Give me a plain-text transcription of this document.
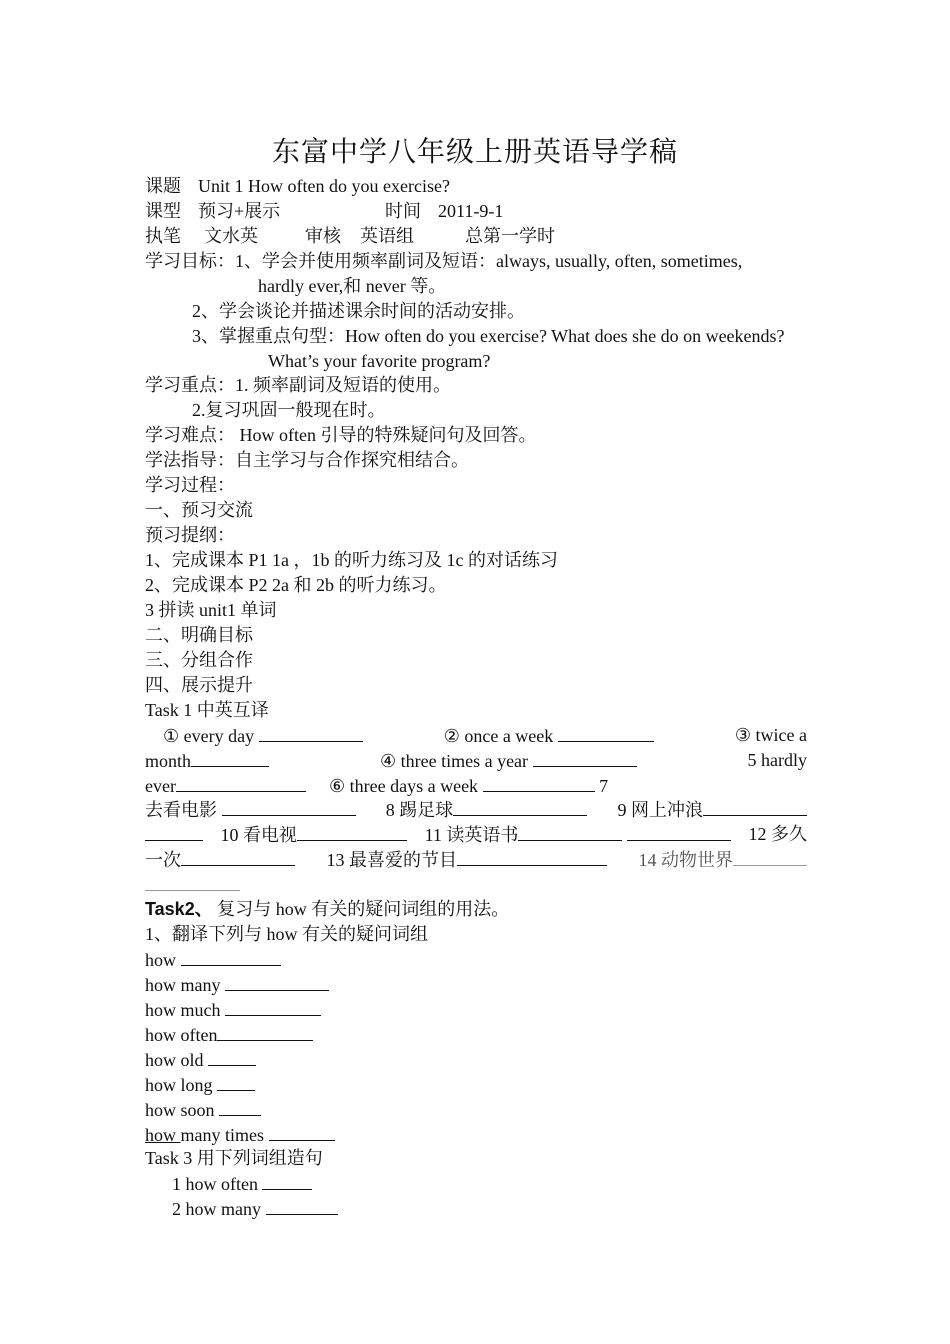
东富中学八年级上册英语导学稿
课题 Unit 1 How often do you exercise?
课型 预习+展示	时间 2011-9-1
执笔 文水英	审核 英语组	总第一学时
学习目标：1、学会并使用频率副词及短语：always, usually, often, sometimes,
hardly ever,和 never 等。
2、学会谈论并描述课余时间的活动安排。
3、掌握重点句型：How often do you exercise? What does she do on weekends?
What’s your favorite program?
学习重点：1. 频率副词及短语的使用。
2.复习巩固一般现在时。
学习难点： How often 引导的特殊疑问句及回答。
学法指导：自主学习与合作探究相结合。
学习过程：
一、预习交流
预习提纲：
1、完成课本 P1 1a ，1b 的听力练习及 1c 的对话练习
2、完成课本 P2 2a 和 2b 的听力练习。
3 拼读 unit1 单词
二、明确目标
三、分组合作
四、展示提升
Task 1 中英互译
① every day	② once a week	③ twice a
month	④ three times a year	5 hardly
ever	⑥ three days a week	7
去看电影	8 踢足球	9 网上冲浪
10 看电视	11 读英语书	12 多久
一次	13 最喜爱的节目	14 动物世界
Task2、 复习与 how 有关的疑问词组的用法。
1、翻译下列与 how 有关的疑问词组
how
how many
how much
how often
how old
how long
how soon
how many times
Task 3 用下列词组造句
1 how often
2 how many
